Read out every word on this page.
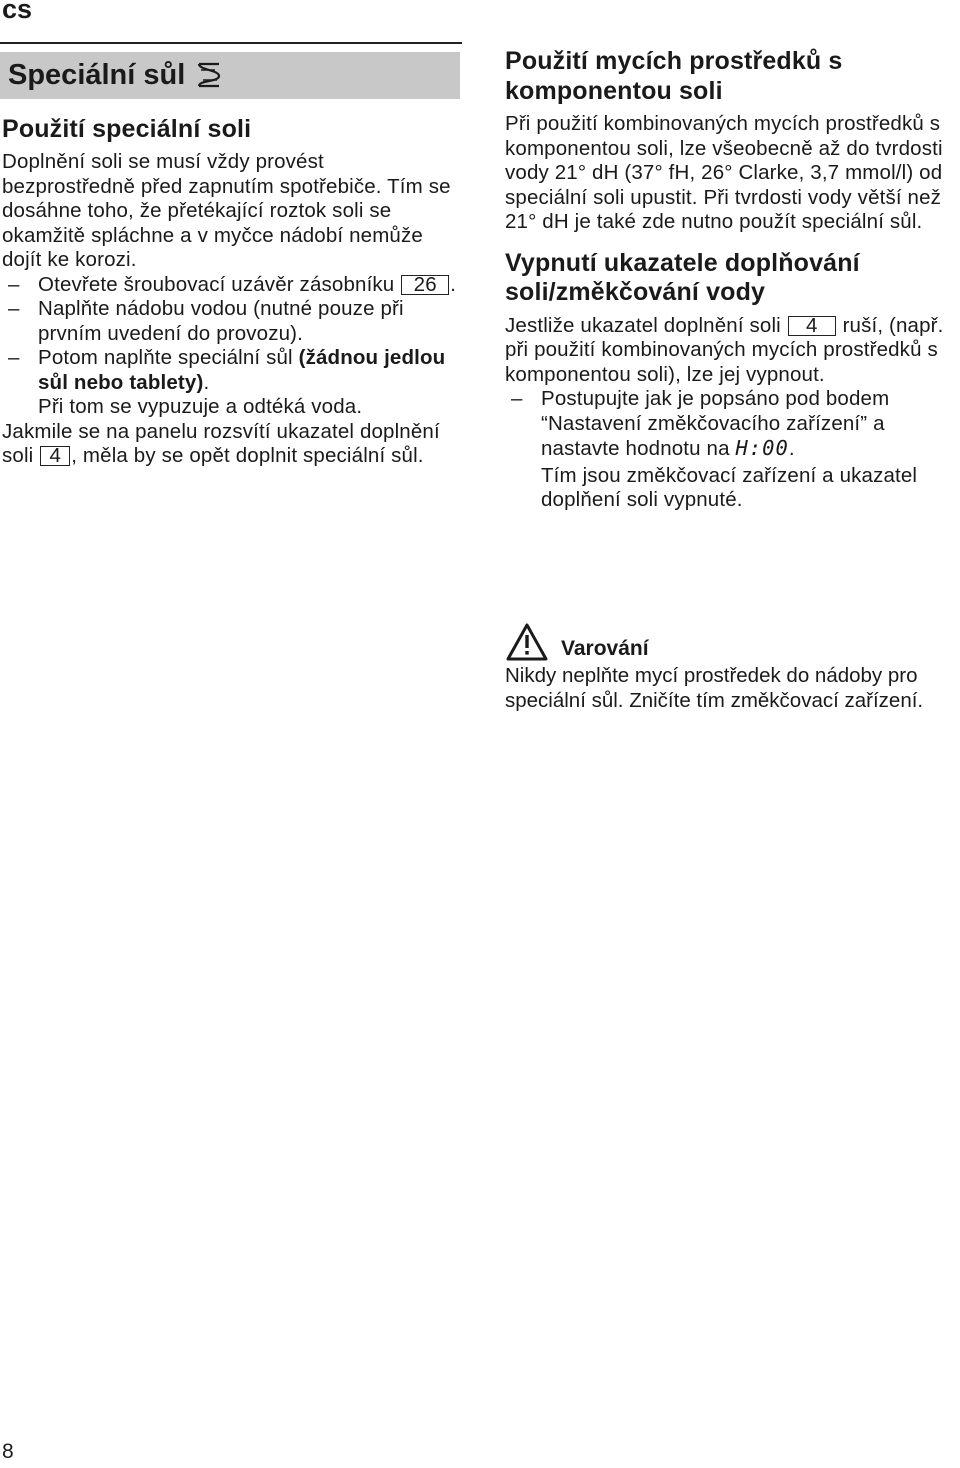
cs
Speciální sůl
Použití speciální soli

Doplnění soli se musí vždy provést bezprostředně před zapnutím spotřebiče. Tím se dosáhne toho, že přetékající roztok soli se okamžitě spláchne a v myčce nádobí nemůže dojít ke korozi.

– Otevřete šroubovací uzávěr zásobníku 26 .
– Naplňte nádobu vodou (nutné pouze při prvním uvedení do provozu).
– Potom naplňte speciální sůl (žádnou jedlou sůl nebo tablety).

Při tom se vypuzuje a odtéká voda.

Jakmile se na panelu rozsvítí ukazatel doplnění soli 4 , měla by se opět doplnit speciální sůl.

Použití mycích prostředků s komponentou soli

Při použití kombinovaných mycích prostředků s komponentou soli, lze všeobecně až do tvrdosti vody 21° dH (37° fH, 26° Clarke, 3,7 mmol/l) od speciální soli upustit. Při tvrdosti vody větší než 21° dH je také zde nutno použít speciální sůl.

Vypnutí ukazatele doplňování soli/změkčování vody

Jestliže ukazatel doplnění soli 4 ruší, (např. při použití kombinovaných mycích prostředků s komponentou soli), lze jej vypnout.

– Postupujte jak je popsáno pod bodem “Nastavení změkčovacího zařízení” a nastavte hodnotu na H:00.

Tím jsou změkčovací zařízení a ukazatel doplňení soli vypnuté.

Varování

Nikdy neplňte mycí prostředek do nádoby pro speciální sůl. Zničíte tím změkčovací zařízení.

8
